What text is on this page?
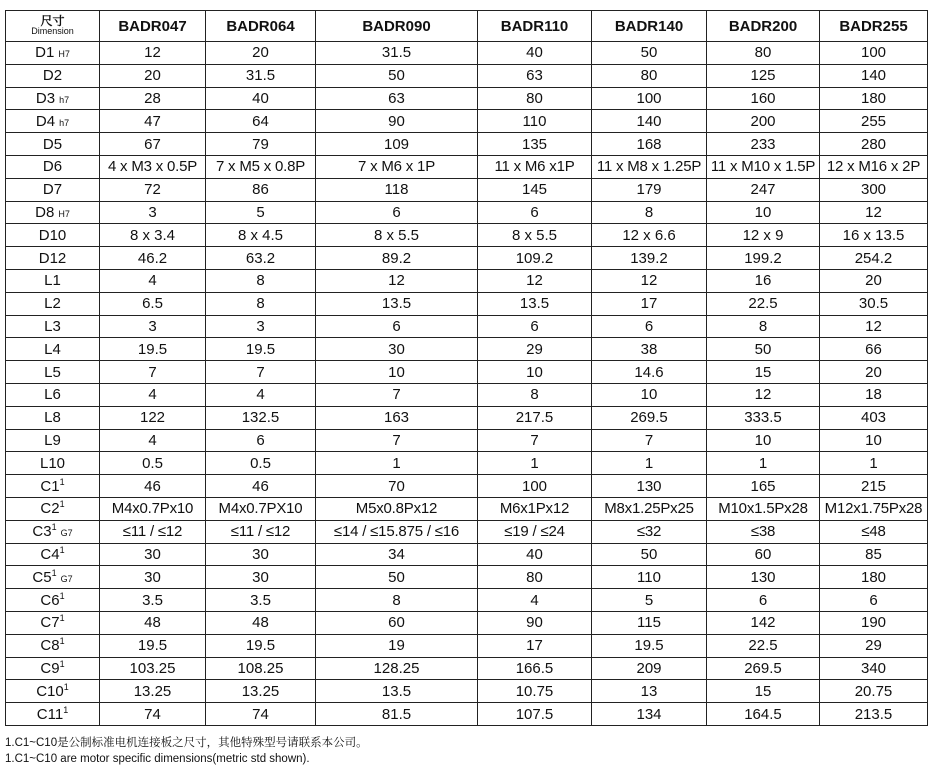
尺寸
Dimension	BADR047	BADR064	BADR090	BADR110	BADR140	BADR200	BADR255
D1 H7	12	20	31.5	40	50	80	100
D2	20	31.5	50	63	80	125	140
D3 h7	28	40	63	80	100	160	180
D4 h7	47	64	90	110	140	200	255
D5	67	79	109	135	168	233	280
D6	4 x M3 x 0.5P	7 x M5 x 0.8P	7 x M6 x 1P	11 x M6 x1P	11 x M8 x 1.25P	11 x M10 x 1.5P	12 x M16 x 2P
D7	72	86	118	145	179	247	300
D8 H7	3	5	6	6	8	10	12
D10	8 x 3.4	8 x 4.5	8 x 5.5	8 x 5.5	12 x 6.6	12 x 9	16 x 13.5
D12	46.2	63.2	89.2	109.2	139.2	199.2	254.2
L1	4	8	12	12	12	16	20
L2	6.5	8	13.5	13.5	17	22.5	30.5
L3	3	3	6	6	6	8	12
L4	19.5	19.5	30	29	38	50	66
L5	7	7	10	10	14.6	15	20
L6	4	4	7	8	10	12	18
L8	122	132.5	163	217.5	269.5	333.5	403
L9	4	6	7	7	7	10	10
L10	0.5	0.5	1	1	1	1	1
$C1^1$	46	46	70	100	130	165	215
$C2^1$	M4x0.7Px10	M4x0.7PX10	M5x0.8Px12	M6x1Px12	M8x1.25Px25	M10x1.5Px28	M12x1.75Px28
$C3^1G7$	≤11 / ≤12	≤11 / ≤12	≤14 / ≤15.875 / ≤16	≤19 / ≤24	≤32	≤38	≤48
$C4^1$	30	30	34	40	50	60	85
$C5^1G7$	30	30	50	80	110	130	180
$C6^1$	3.5	3.5	8	4	5	6	6
$C7^1$	48	48	60	90	115	142	190
$C8^1$	19.5	19.5	19	17	19.5	22.5	29
$C9^1$	103.25	108.25	128.25	166.5	209	269.5	340
$C10^1$	13.25	13.25	13.5	10.75	13	15	20.75
$C11^1$	74	74	81.5	107.5	134	164.5	213.5
1.C1~C10是公制标准电机连接板之尺寸，其他特殊型号请联系本公司。
1.C1~C10 are motor specific dimensions(metric std shown).
